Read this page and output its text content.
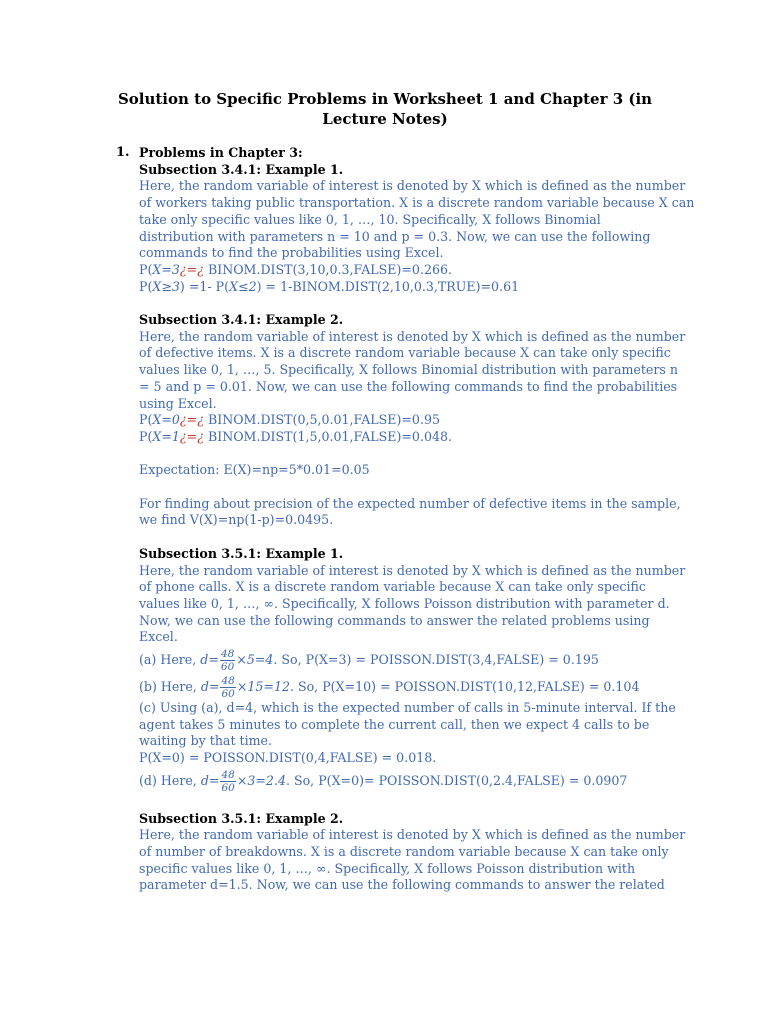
Solution to Specific Problems in Worksheet 1 and Chapter 3 (in Lecture Notes)
1. Problems in Chapter 3:
Subsection 3.4.1: Example 1.
Here, the random variable of interest is denoted by X which is defined as the number
of workers taking public transportation. X is a discrete random variable because X can
take only specific values like 0, 1, …, 10. Specifically, X follows Binomial
distribution with parameters n = 10 and p = 0.3. Now, we can use the following
commands to find the probabilities using Excel.
P(X=3¿=¿ BINOM.DIST(3,10,0.3,FALSE)=0.266.
P(X≥3) =1- P(X≤2) = 1-BINOM.DIST(2,10,0.3,TRUE)=0.61
Subsection 3.4.1: Example 2.
Here, the random variable of interest is denoted by X which is defined as the number
of defective items. X is a discrete random variable because X can take only specific
values like 0, 1, …, 5. Specifically, X follows Binomial distribution with parameters n
= 5 and p = 0.01. Now, we can use the following commands to find the probabilities
using Excel.
P(X=0¿=¿ BINOM.DIST(0,5,0.01,FALSE)=0.95
P(X=1¿=¿ BINOM.DIST(1,5,0.01,FALSE)=0.048.
Expectation: E(X)=np=5*0.01=0.05
For finding about precision of the expected number of defective items in the sample,
we find V(X)=np(1-p)=0.0495.
Subsection 3.5.1: Example 1.
Here, the random variable of interest is denoted by X which is defined as the number
of phone calls. X is a discrete random variable because X can take only specific
values like 0, 1, …, ∞. Specifically, X follows Poisson distribution with parameter d.
Now, we can use the following commands to answer the related problems using
Excel.
(a) Here, $d= \frac{48}{60} \times 5=4$. So, P(X=3) = POISSON.DIST(3,4,FALSE) = 0.195
(b) Here, $d= \frac{48}{60} \times 15=12$. So, P(X=10) = POISSON.DIST(10,12,FALSE) = 0.104
(c) Using (a), d=4, which is the expected number of calls in 5-minute interval. If the
agent takes 5 minutes to complete the current call, then we expect 4 calls to be
waiting by that time.
P(X=0) = POISSON.DIST(0,4,FALSE) = 0.018.
(d) Here, $d= \frac{48}{60} \times 3=2.4$. So, P(X=0)= POISSON.DIST(0,2.4,FALSE) = 0.0907
Subsection 3.5.1: Example 2.
Here, the random variable of interest is denoted by X which is defined as the number
of number of breakdowns. X is a discrete random variable because X can take only
specific values like 0, 1, …, ∞. Specifically, X follows Poisson distribution with
parameter d=1.5. Now, we can use the following commands to answer the related
